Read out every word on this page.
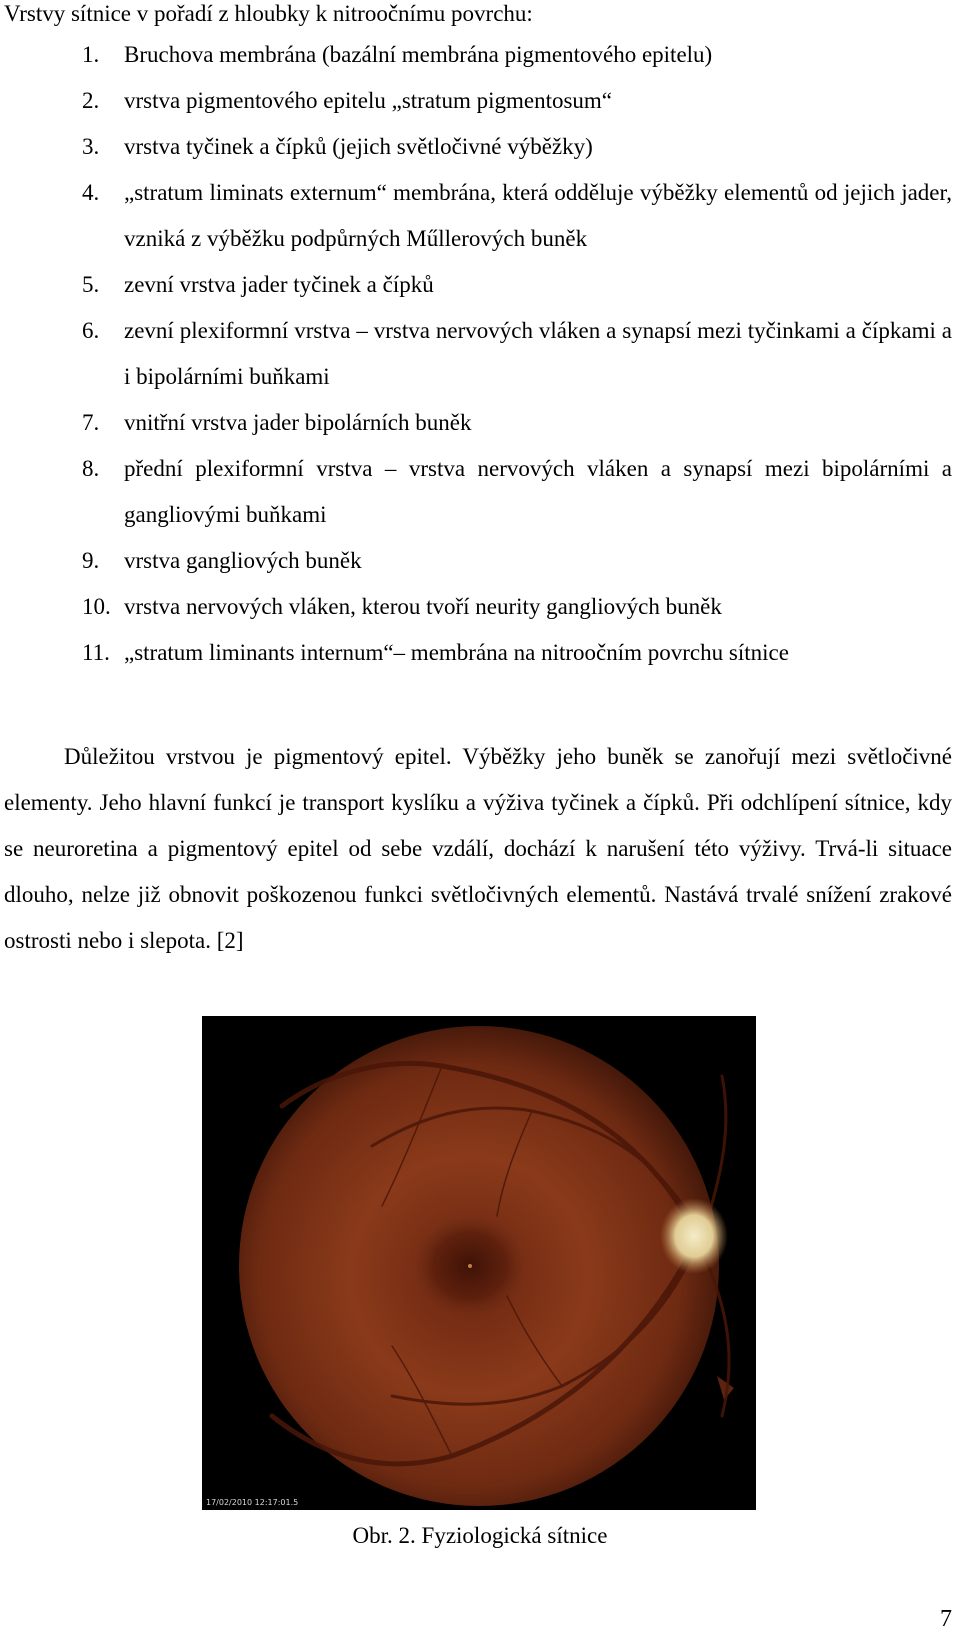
Vrstvy sítnice v pořadí z hloubky k nitroočnímu povrchu:
1. Bruchova membrána (bazální membrána pigmentového epitelu)
2. vrstva pigmentového epitelu „stratum pigmentosum“
3. vrstva tyčinek a čípků (jejich světločivné výběžky)
4. „stratum liminats externum“ membrána, která odděluje výběžky elementů od jejich jader, vzniká z výběžku podpůrných Műllerových buněk
5. zevní vrstva jader tyčinek a čípků
6. zevní plexiformní vrstva – vrstva nervových vláken a synapsí mezi tyčinkami a čípkami a i bipolárními buňkami
7. vnitřní vrstva jader bipolárních buněk
8. přední plexiformní vrstva – vrstva nervových vláken a synapsí mezi bipolárními a gangliovými buňkami
9. vrstva gangliových buněk
10. vrstva nervových vláken, kterou tvoří neurity gangliových buněk
11. „stratum liminants internum“– membrána na nitroočním povrchu sítnice
Důležitou vrstvou je pigmentový epitel. Výběžky jeho buněk se zanořují mezi světločivné elementy. Jeho hlavní funkcí je transport kyslíku a výživa tyčinek a čípků. Při odchlípení sítnice, kdy se neuroretina a pigmentový epitel od sebe vzdálí, dochází k narušení této výživy. Trvá-li situace dlouho, nelze již obnovit poškozenou funkci světločivných elementů. Nastává trvalé snížení zrakové ostrosti nebo i slepota. [2]
17/02/2010 12:17:01.5
Obr. 2. Fyziologická sítnice
7
